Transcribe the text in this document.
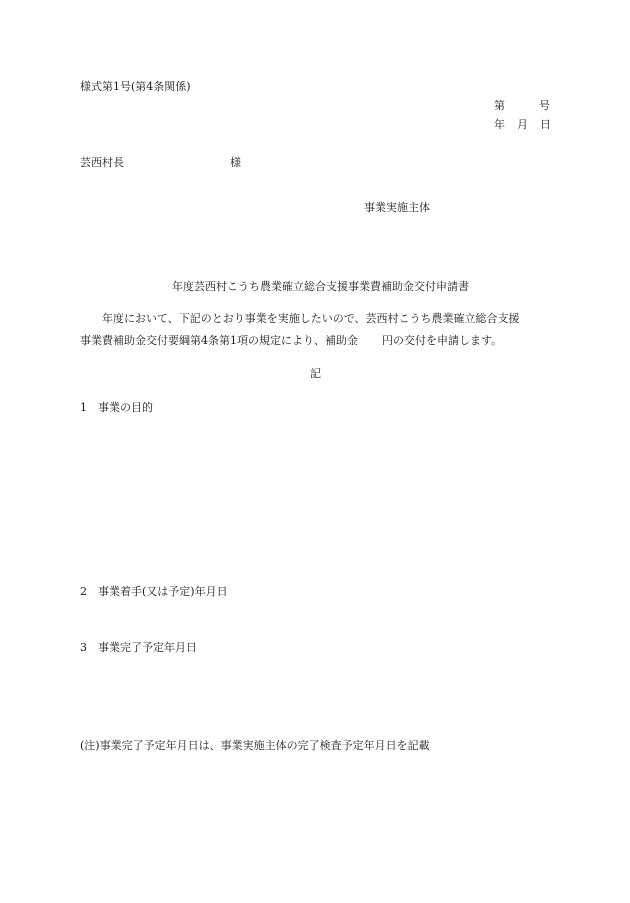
様式第1号(第4条関係)
第	号
年 月 日
芸西村長	様
事業実施主体
年度芸西村こうち農業確立総合支援事業費補助金交付申請書
年度において、下記のとおり事業を実施したいので、芸西村こうち農業確立総合支援
事業費補助金交付要綱第4条第1項の規定により、補助金 円の交付を申請します。
記
1 事業の目的
2 事業着手(又は予定)年月日
3 事業完了予定年月日
(注)事業完了予定年月日は、事業実施主体の完了検査予定年月日を記載
